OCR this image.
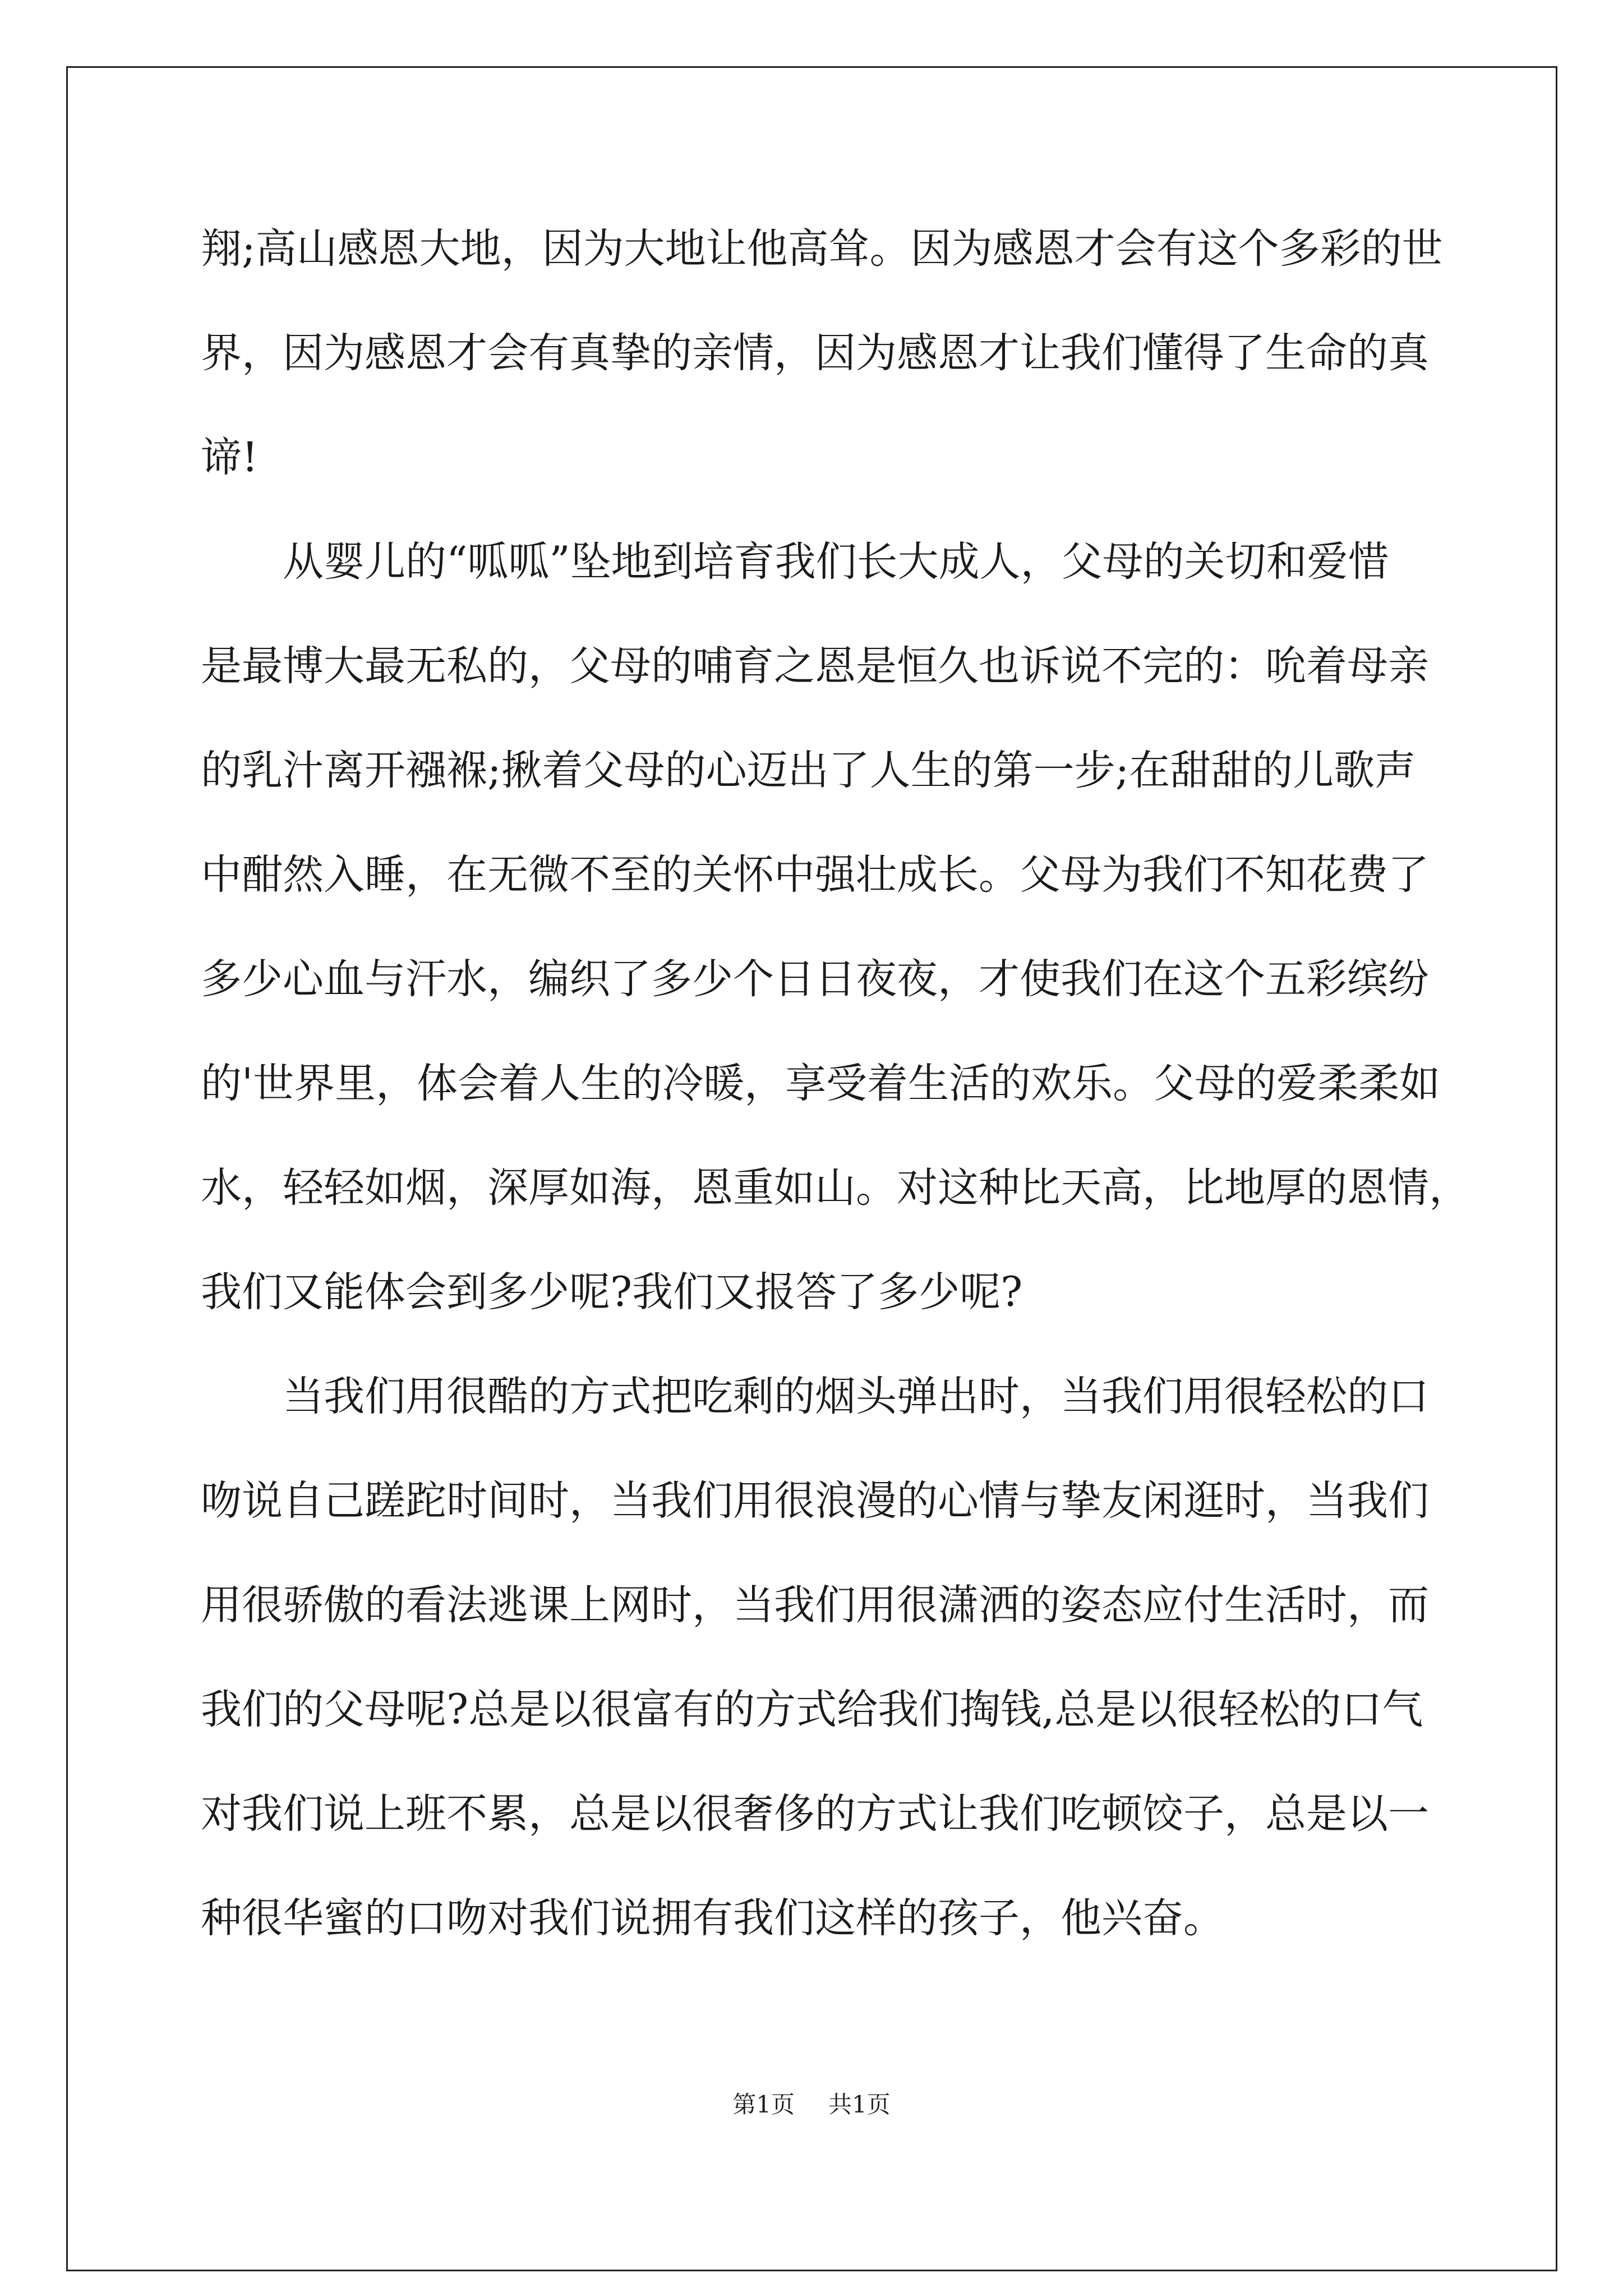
翔;高山感恩大地，因为大地让他高耸。因为感恩才会有这个多彩的世
界，因为感恩才会有真挚的亲情，因为感恩才让我们懂得了生命的真
谛!
从婴儿的“呱呱”坠地到培育我们长大成人，父母的关切和爱惜
是最博大最无私的，父母的哺育之恩是恒久也诉说不完的：吮着母亲
的乳汁离开襁褓;揪着父母的心迈出了人生的第一步;在甜甜的儿歌声
中酣然入睡，在无微不至的关怀中强壮成长。父母为我们不知花费了
多少心血与汗水，编织了多少个日日夜夜，才使我们在这个五彩缤纷
的'世界里，体会着人生的冷暖，享受着生活的欢乐。父母的爱柔柔如
水，轻轻如烟，深厚如海，恩重如山。对这种比天高，比地厚的恩情，
我们又能体会到多少呢?我们又报答了多少呢?
当我们用很酷的方式把吃剩的烟头弹出时，当我们用很轻松的口
吻说自己蹉跎时间时，当我们用很浪漫的心情与挚友闲逛时，当我们
用很骄傲的看法逃课上网时，当我们用很潇洒的姿态应付生活时，而
我们的父母呢?总是以很富有的方式给我们掏钱,总是以很轻松的口气
对我们说上班不累，总是以很奢侈的方式让我们吃顿饺子，总是以一
种很华蜜的口吻对我们说拥有我们这样的孩子，他兴奋。
第1页 共1页
